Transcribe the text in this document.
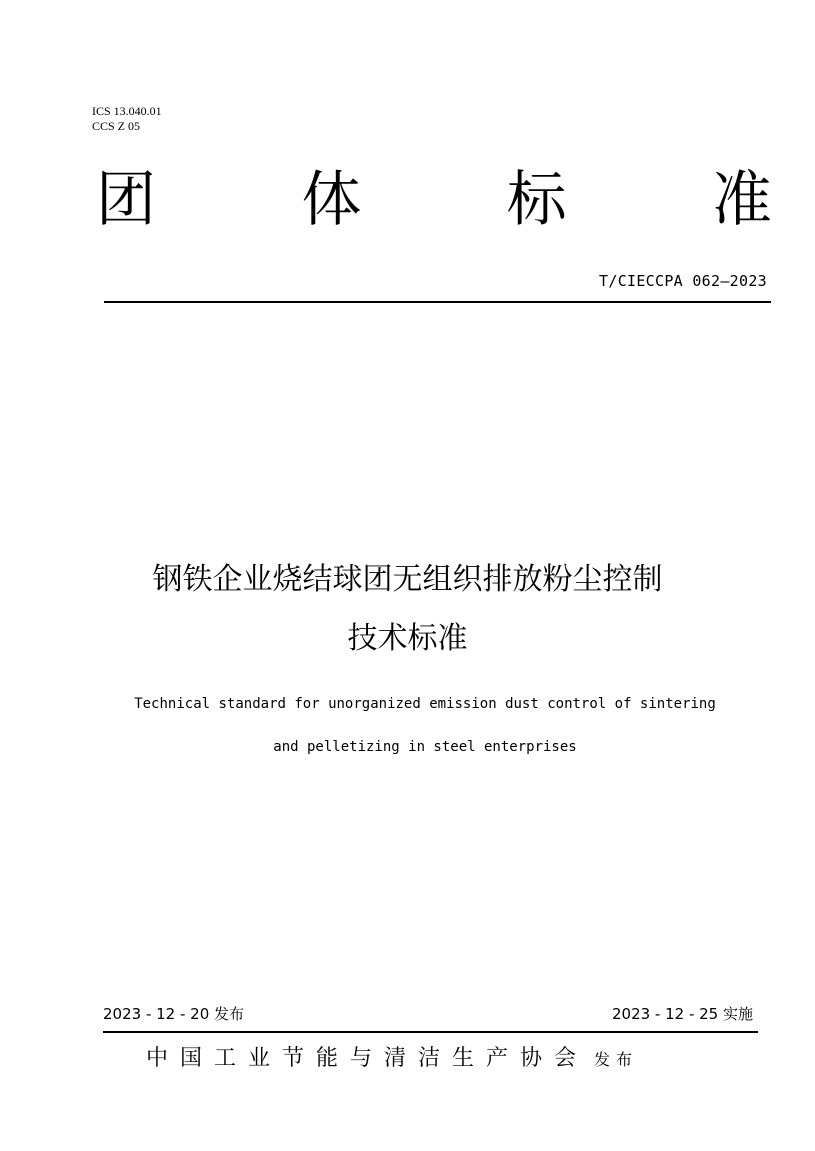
ICS 13.040.01
CCS Z 05
团 体 标 准
T/CIECCPA 062—2023
钢铁企业烧结球团无组织排放粉尘控制
技术标准
Technical standard for unorganized emission dust control of sintering
and pelletizing in steel enterprises
2023 - 12 - 20 发布	2023 - 12 - 25 实施
中国工业节能与清洁生产协会 发布
